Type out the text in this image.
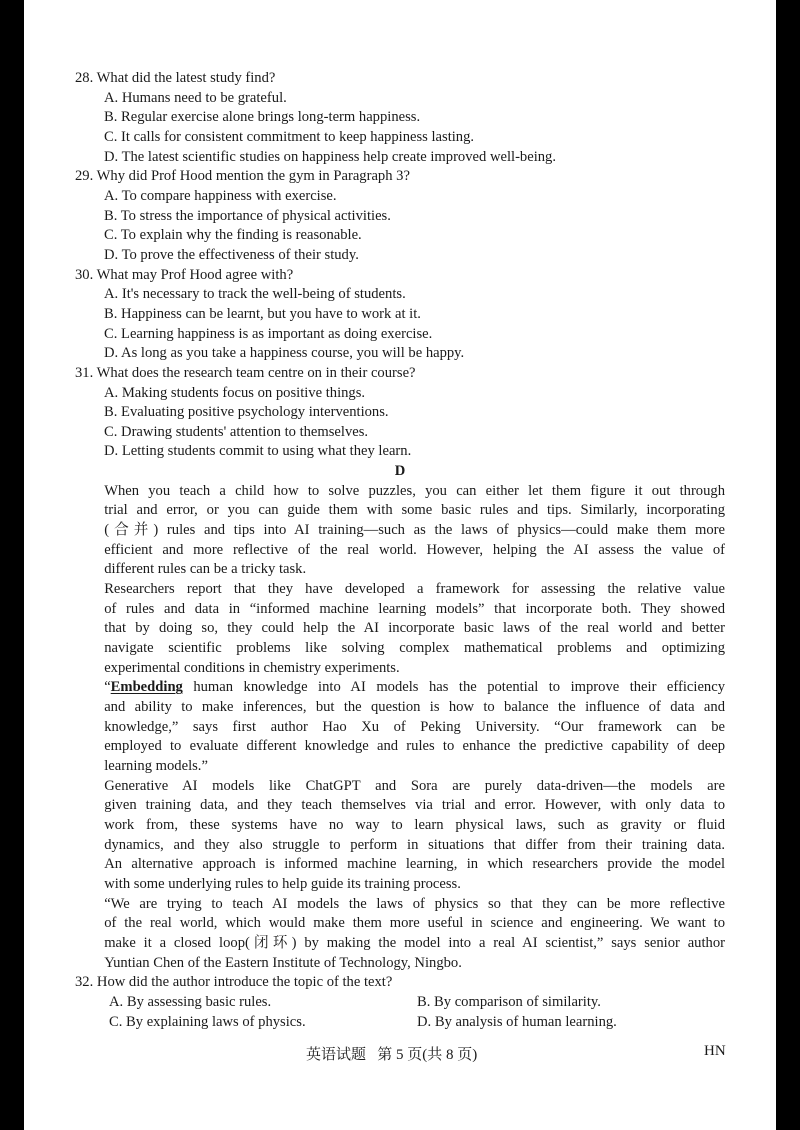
28. What did the latest study find?

A. Humans need to be grateful.

B. Regular exercise alone brings long-term happiness.

C. It calls for consistent commitment to keep happiness lasting.

D. The latest scientific studies on happiness help create improved well-being.

29. Why did Prof Hood mention the gym in Paragraph 3?

A. To compare happiness with exercise.

B. To stress the importance of physical activities.

C. To explain why the finding is reasonable.

D. To prove the effectiveness of their study.

30. What may Prof Hood agree with?

A. It's necessary to track the well-being of students.

B. Happiness can be learnt, but you have to work at it.

C. Learning happiness is as important as doing exercise.

D. As long as you take a happiness course, you will be happy.

31. What does the research team centre on in their course?

A. Making students focus on positive things.

B. Evaluating positive psychology interventions.

C. Drawing students' attention to themselves.

D. Letting students commit to using what they learn.

D

When you teach a child how to solve puzzles, you can either let them figure it out through
trial and error, or you can guide them with some basic rules and tips. Similarly, incorporating
(合并) rules and tips into AI training—such as the laws of physics—could make them more
efficient and more reflective of the real world. However, helping the AI assess the value of
different rules can be a tricky task.
Researchers report that they have developed a framework for assessing the relative value
of rules and data in “informed machine learning models” that incorporate both. They showed
that by doing so, they could help the AI incorporate basic laws of the real world and better
navigate scientific problems like solving complex mathematical problems and optimizing
experimental conditions in chemistry experiments.
“Embedding human knowledge into AI models has the potential to improve their efficiency
and ability to make inferences, but the question is how to balance the influence of data and
knowledge,” says first author Hao Xu of Peking University. “Our framework can be
employed to evaluate different knowledge and rules to enhance the predictive capability of deep
learning models.”
Generative AI models like ChatGPT and Sora are purely data-driven—the models are
given training data, and they teach themselves via trial and error. However, with only data to
work from, these systems have no way to learn physical laws, such as gravity or fluid
dynamics, and they also struggle to perform in situations that differ from their training data.
An alternative approach is informed machine learning, in which researchers provide the model
with some underlying rules to help guide its training process.
“We are trying to teach AI models the laws of physics so that they can be more reflective
of the real world, which would make them more useful in science and engineering. We want to
make it a closed loop(闭环) by making the model into a real AI scientist,” says senior author
Yuntian Chen of the Eastern Institute of Technology, Ningbo.

32. How did the author introduce the topic of the text?

A. By assessing basic rules.	B. By comparison of similarity.
C. By explaining laws of physics.	D. By analysis of human learning.
英语试题 第 5 页(共 8 页)	HN
